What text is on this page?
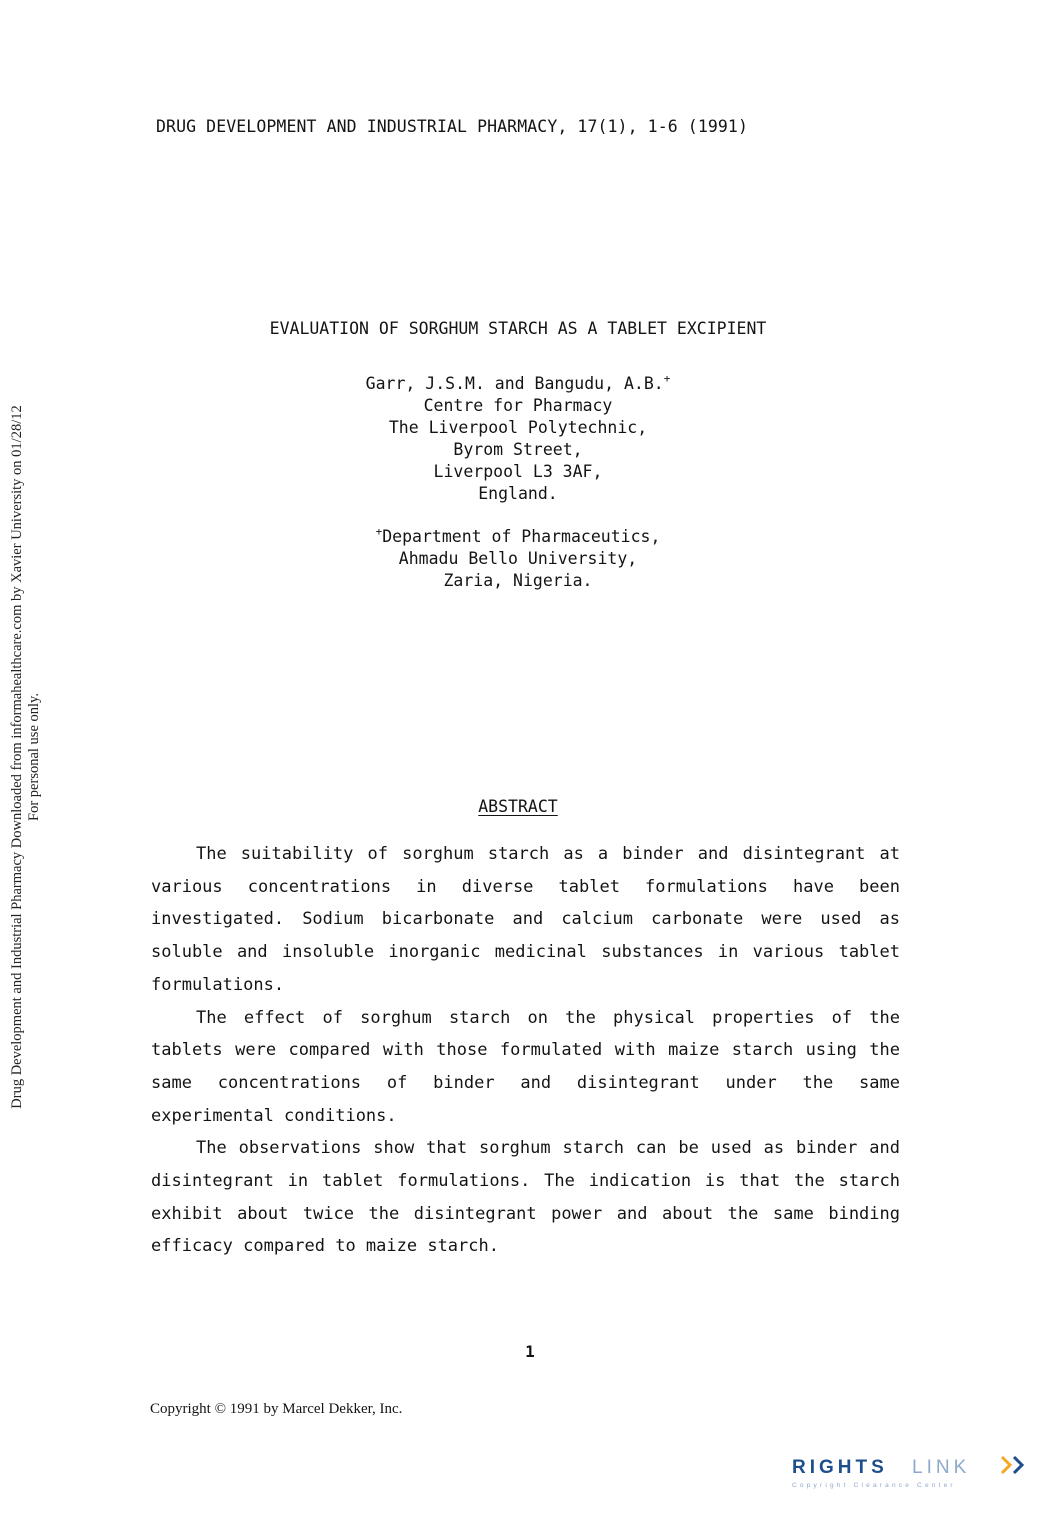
DRUG DEVELOPMENT AND INDUSTRIAL PHARMACY, 17(1), 1-6 (1991)
EVALUATION OF SORGHUM STARCH AS A TABLET EXCIPIENT
Garr, J.S.M. and Bangudu, A.B.+
Centre for Pharmacy
The Liverpool Polytechnic,
Byrom Street,
Liverpool L3 3AF,
England.
+Department of Pharmaceutics,
Ahmadu Bello University,
Zaria, Nigeria.
ABSTRACT

The suitability of sorghum starch as a binder and disintegrant at various concentrations in diverse tablet formulations have been investigated. Sodium bicarbonate and calcium carbonate were used as soluble and insoluble inorganic medicinal substances in various tablet formulations.

The effect of sorghum starch on the physical properties of the tablets were compared with those formulated with maize starch using the same concentrations of binder and disintegrant under the same experimental conditions.

The observations show that sorghum starch can be used as binder and disintegrant in tablet formulations. The indication is that the starch exhibit about twice the disintegrant power and about the same binding efficacy compared to maize starch.

1
Copyright © 1991 by Marcel Dekker, Inc.
Drug Development and Industrial Pharmacy Downloaded from informahealthcare.com by Xavier University on 01/28/12 For personal use only.
RIGHTS LINK
Copyright Clearance Center
